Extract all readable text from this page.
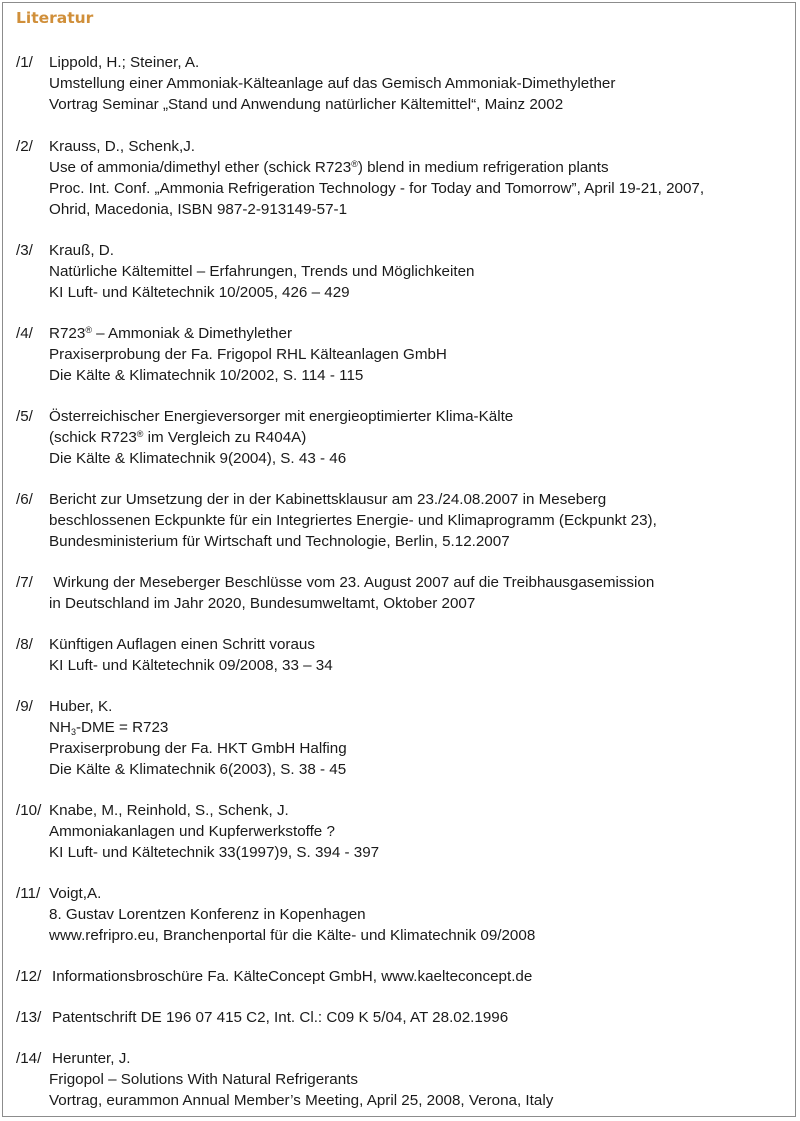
Literatur
/1/ Lippold, H.; Steiner, A.
Umstellung einer Ammoniak-Kälteanlage auf das Gemisch Ammoniak-Dimethylether
Vortrag Seminar „Stand und Anwendung natürlicher Kältemittel“, Mainz 2002
/2/ Krauss, D., Schenk,J.
Use of ammonia/dimethyl ether (schick R723®) blend in medium refrigeration plants
Proc. Int. Conf. „Ammonia Refrigeration Technology - for Today and Tomorrow”, April 19-21, 2007,
Ohrid, Macedonia, ISBN 987-2-913149-57-1
/3/ Krauß, D.
Natürliche Kältemittel – Erfahrungen, Trends und Möglichkeiten
KI Luft- und Kältetechnik 10/2005, 426 – 429
/4/ R723® – Ammoniak & Dimethylether
Praxiserprobung der Fa. Frigopol RHL Kälteanlagen GmbH
Die Kälte & Klimatechnik 10/2002, S. 114 - 115
/5/ Österreichischer Energieversorger mit energieoptimierter Klima-Kälte
(schick R723® im Vergleich zu R404A)
Die Kälte & Klimatechnik 9(2004), S. 43 - 46
/6/ Bericht zur Umsetzung der in der Kabinettsklausur am 23./24.08.2007 in Meseberg
beschlossenen Eckpunkte für ein Integriertes Energie- und Klimaprogramm (Eckpunkt 23),
Bundesministerium für Wirtschaft und Technologie, Berlin, 5.12.2007
/7/ Wirkung der Meseberger Beschlüsse vom 23. August 2007 auf die Treibhausgasemission
in Deutschland im Jahr 2020, Bundesumweltamt, Oktober 2007
/8/ Künftigen Auflagen einen Schritt voraus
KI Luft- und Kältetechnik 09/2008, 33 – 34
/9/ Huber, K.
$NH_3$-DME = R723
Praxiserprobung der Fa. HKT GmbH Halfing
Die Kälte & Klimatechnik 6(2003), S. 38 - 45
/10/ Knabe, M., Reinhold, S., Schenk, J.
Ammoniakanlagen und Kupferwerkstoffe ?
KI Luft- und Kältetechnik 33(1997)9, S. 394 - 397
/11/ Voigt,A.
8. Gustav Lorentzen Konferenz in Kopenhagen
www.refripro.eu, Branchenportal für die Kälte- und Klimatechnik 09/2008
/12/ Informationsbroschüre Fa. KälteConcept GmbH, www.kaelteconcept.de
/13/ Patentschrift DE 196 07 415 C2, Int. Cl.: C09 K 5/04, AT 28.02.1996
/14/ Herunter, J.
Frigopol – Solutions With Natural Refrigerants
Vortrag, eurammon Annual Member’s Meeting, April 25, 2008, Verona, Italy
